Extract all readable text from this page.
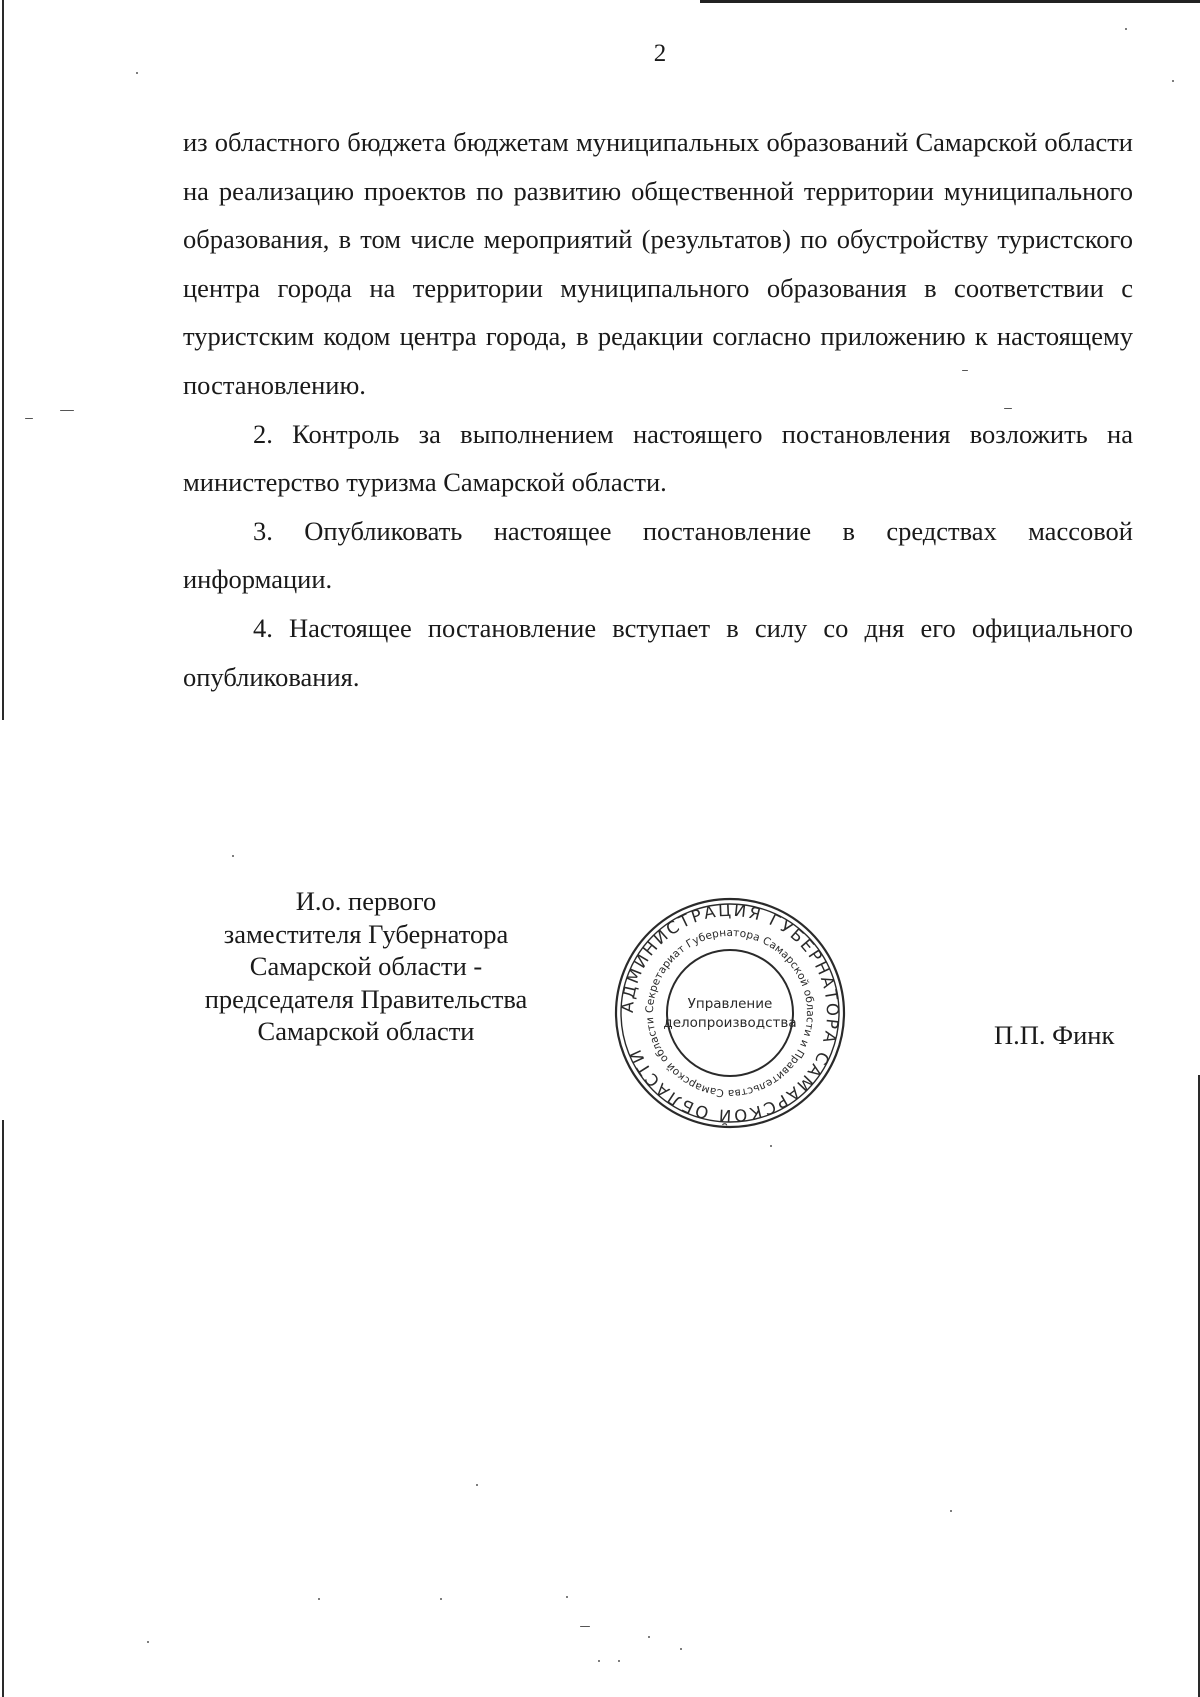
2

из областного бюджета бюджетам муниципальных образований Самарской области на реализацию проектов по развитию общественной территории муниципального образования, в том числе мероприятий (результатов) по обустройству туристского центра города на территории муниципального образования в соответствии с туристским кодом центра города, в редакции согласно приложению к настоящему постановлению.

2. Контроль за выполнением настоящего постановления возложить на министерство туризма Самарской области.

3. Опубликовать настоящее постановление в средствах массовой информации.

4. Настоящее постановление вступает в силу со дня его официального опубликования.

И.о. первого
заместителя Губернатора
Самарской области -
председателя Правительства
Самарской области
АДМИНИСТРАЦИЯ ГУБЕРНАТОРА САМАРСКОЙ ОБЛАСТИ
Секретариат Губернатора Самарской области и Правительства Самарской области
Управление
делопроизводства	П.П. Финк
